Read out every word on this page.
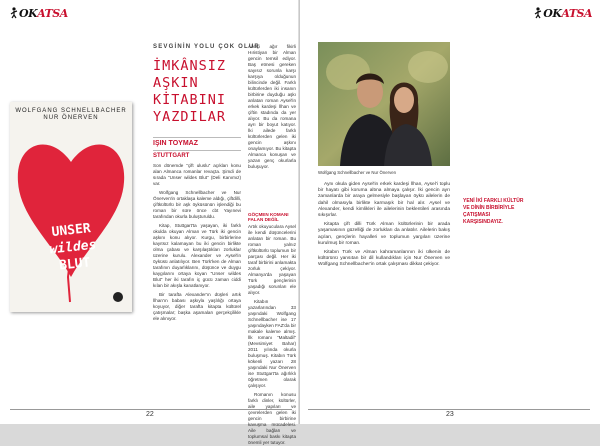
OK ATSA
WOLFGANG SCHNELLBACHER NUR ÖNERVEN
UNSER
wildes
BLUT
SEVGİNİN YOLU ÇOK OLUR
İMKÂNSIZ
AŞKIN
KİTABINI
YAZDILAR
IŞIN TOYMAZ
STUTTGART

Son dönemde “çift uluslu” açıkları konu alan Almanca romanlar revaçta. Şimdi de sırada “Unser wildes Blut” (Deli Kanımız) var.

Wolfgang Schnellbacher ve Nur Önerven'in ortaklaşa kaleme aldığı, çiftdilli, çiftkültürlü bir aşk öyküsünün işlendiği bu roman bir süre önce cbt Yayınevi tarafından okurla buluşturuldu.

Kitap, Stuttgart'ta yaşayan, iki farklı okulda okuyan Alman ve Türk iki gencin aşkını konu alıyor. Kurgu, birbirlerine kayıtsız kalamayan bu iki gencin birlikte olma çabası ve karşılaştıkları zorluklar üzerine kurulu. Alexander ve Aysel'in öyküsü anlatılıyor. Ben Türk'ken de Alman tarafının duyarlıklarını, düşünce ve duygu kaygılarını ortaya koyan “Unser wildes Blut” her iki tarafın iç gücü zaman ciddi kılan bir akışla kanatlanıyor.

Bir tarafta Alexander'ın düşleri artık İlhan'ın babası aşkıyla yaşlılığı ortaya koyuyor, diğer tarafta kitapta kültürel çatışmalar; başka aşamaları gerçekçilikle ele alınıyor.

Aileiçi ağır fikirli Hıristiyan bir Alman gencin temsil ediyor. Baş etmesi gereken sayısız sorunla karşı karşıya olduğunun bilincinde değil. Farklı kültürlerden iki insanın birbirine duyduğu aşkı anlatan roman Aysel'in erkek kardeşi İlhan ve çiftin stadında da yer alıyor. Bu da romana ayrı bir boyut katıyor. İki ailede farklı kültürlerden gelen iki gencin aşkını onaylamıyor. Bu kitapta Almanca konuşan ve yazan genç okurlarla buluşuyor.

GÖÇMEN KOMANI FALAN DEĞİL

Artık okuyuculara Aysel ile kendi düşüncelerini anlatan bir roman. Bu roman yalnız çiftkültürlü toplumun bir parçası değil. Her iki taraf birbirini anlamakta zorluk çekiyor. Almanya'da yaşayan Türk gençlerinin yaşadığı sorunları ele alıyor.

Kitabın yazarlarından 33 yaşındaki Wolfgang Schnellbacher ise 17 yaşındayken FAZ'da bir makale kaleme almış. İlk romanı “Maltadil” (Mevsimiyet Bahar) 2011 yılında okurla buluşmuş. Kitabın Türk kökenli yazarı 28 yaşındaki Nur Önerven ise Stuttgart'ta ağırlıklı öğretmen olarak çalışıyor.

Romanın konusu farklı dinler, kültürler, aile yapıları ve çevrelerden gelen iki gencin birbirine kavuşma mücadelesi. Aile bağları ve toplumsal baskı kitapta önemli yer tutuyor.

22
OK ATSA
Wolfgang Schnellbacher ve Nur Önerven

Aynı okula giden Aysel'in erkek kardeşi İlhan, Aysel'i toplu bir hayatı gibi koruma altına almaya çalışır. İki gencin ayrı zamanlarda bir araya gelmesiyle başlayan öykü ailelerin de dahil olmasıyla birlikte karmaşık bir hal alır. Aysel ve Alexander, kendi kimlikleri ile ailelerinin beklentileri arasında sıkışırlar.

Kitapta çift dilli Türk Alman kültürlerinin bir arada yaşamasının güzelliği de zorlukları da anlatılır. Ailelerin bakış açıları, gençlerin hayalleri ve toplumun yargıları üzerine kurulmuş bir roman.

Kitabın Türk ve Alman kahramanlarının iki ülkenin de kültürünü yansıtan bir dil kullandıkları için Nur Önerven ve Wolfgang Schnellbacher'in ortak çalışması dikkat çekiyor.

YENİ İKİ FARKLI KÜLTÜR VE DİNİN BİRBİRİYLE ÇATIŞMASI KARŞISINDAYIZ.
23
